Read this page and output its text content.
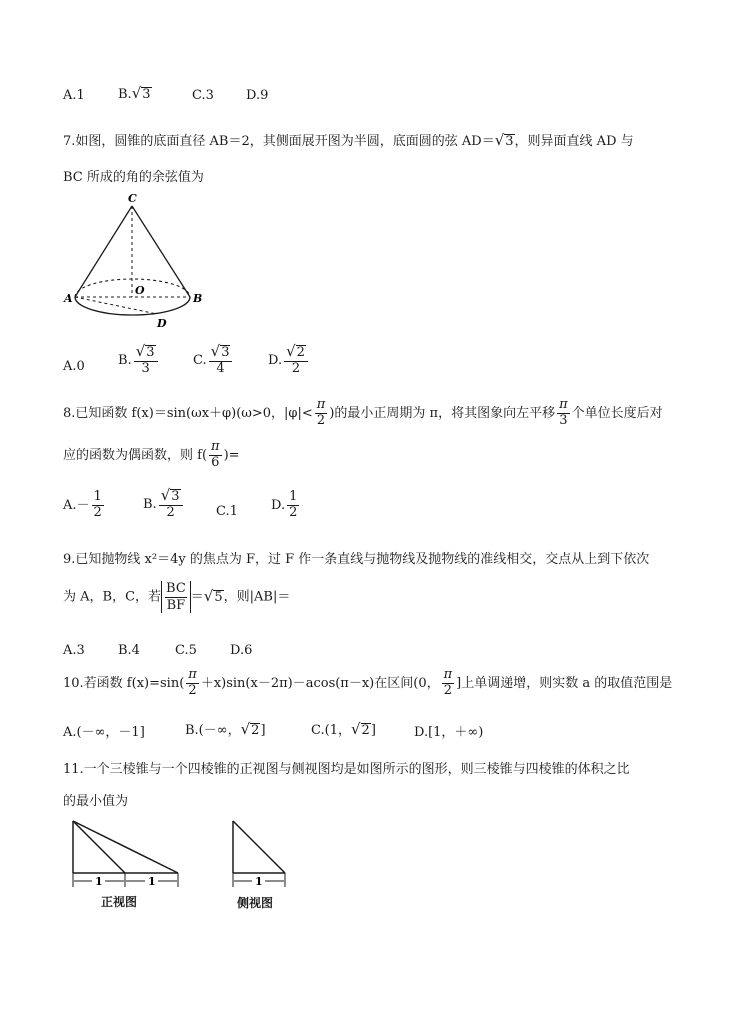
A.1	B. √ 3	C.3 D.9
7.如图，圆锥的底面直径 AB＝2，其侧面展开图为半圆，底面圆的弦 AD＝ √ 3 ，则异面直线 AD 与
BC 所成的角的余弦值为
C
O
A	B
D
A.0	B. $\frac{√ 3}{3}$	C. $\frac{√ 3}{4}$	D. $\frac{√ 2}{2}$
8.已知函数 f(x)＝sin(ωx＋φ)(ω>0，$|\varphi|< \frac{\pi}{2}$ )的最小正周期为 π，将其图象向左平移 $\frac{\pi}{3}$ 个单位长度后对
应的函数为偶函数，则 $f( \frac{\pi}{6}$ )=
$A.- \frac{1}{2}$	B. $\frac{√ 3}{2}$	C.1	D. $\frac{1}{2}$
9.已知抛物线 x²＝4y 的焦点为 F，过 F 作一条直线与抛物线及抛物线的准线相交，交点从上到下依次
为 A，B，C，若 $\frac{BC}{BF}$ ＝ √ 5 ，则|AB|＝
A.3	B.4	C.5	D.6
10.若函数 $f(x)=\sin( \frac{\pi}{2} +x)\sin(x-2\pi)-acos(\pi-x)$在区间(0， $\frac{\pi}{2}$ ]上单调递增，则实数 a 的取值范围是
A.(－∞，－1]	B.(－∞， √ 2 ]	C.(1， √ 2 ]	D.[1，＋∞)
11.一个三棱锥与一个四棱锥的正视图与侧视图均是如图所示的图形，则三棱锥与四棱锥的体积之比
的最小值为
1	1
正视图
1
侧视图
